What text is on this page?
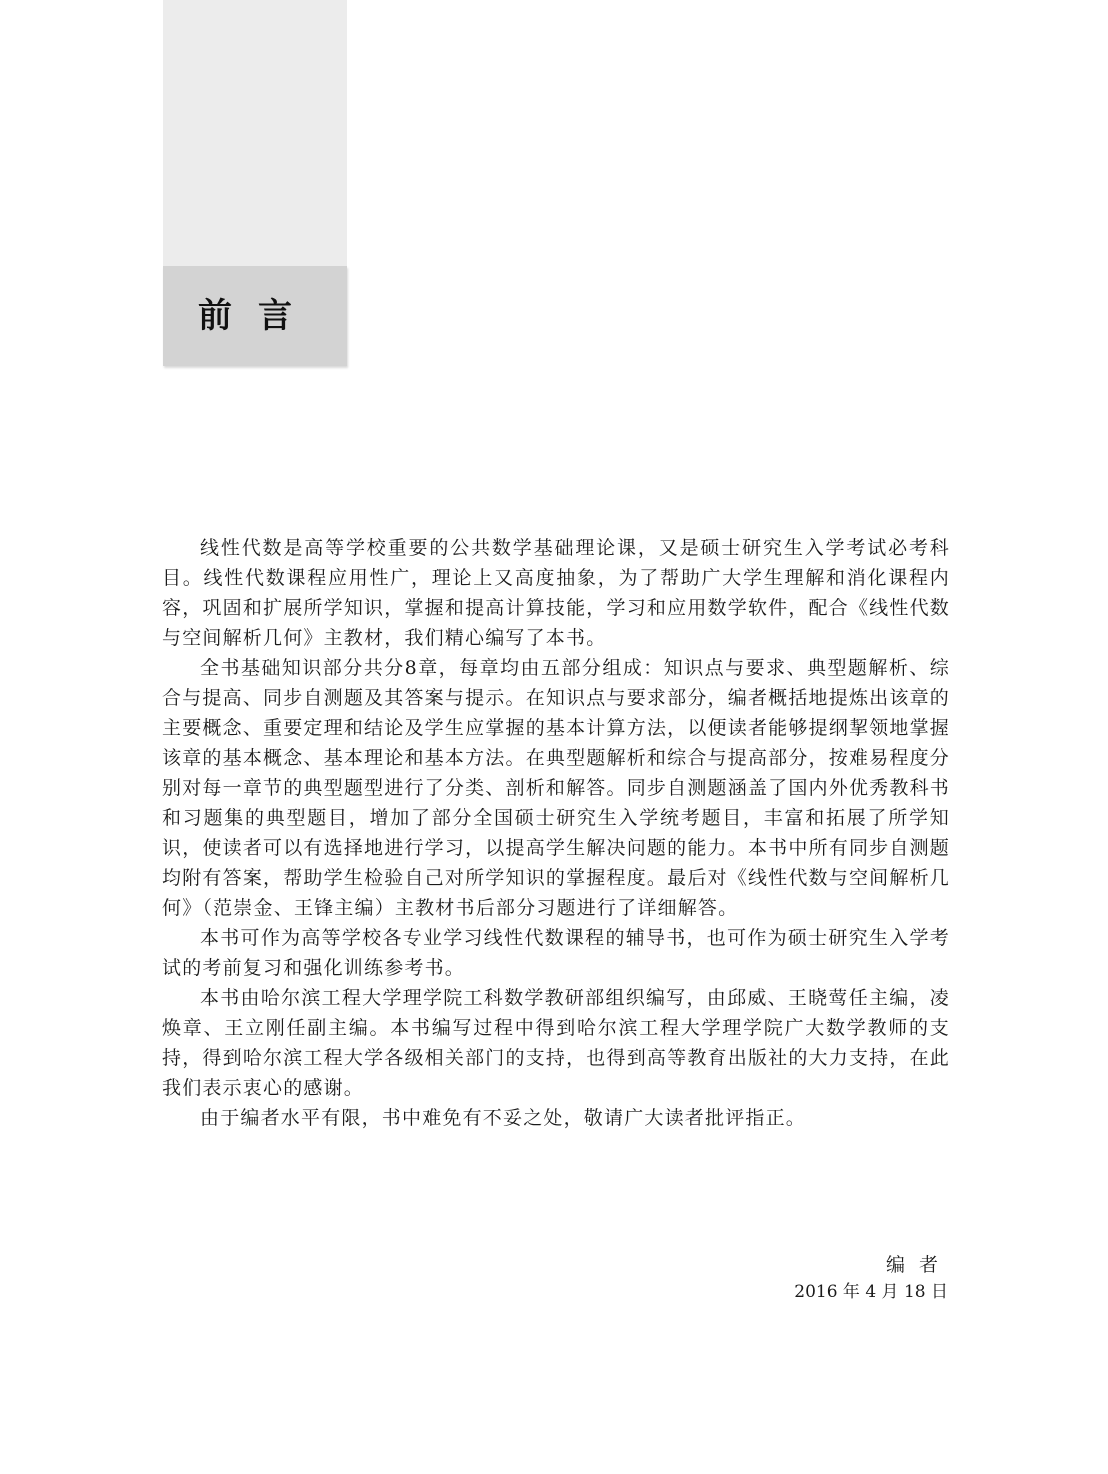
前言

线性代数是高等学校重要的公共数学基础理论课，又是硕士研究生入学考试必考科目。线性代数课程应用性广，理论上又高度抽象，为了帮助广大学生理解和消化课程内容，巩固和扩展所学知识，掌握和提高计算技能，学习和应用数学软件，配合《线性代数与空间解析几何》主教材，我们精心编写了本书。

全书基础知识部分共分8章，每章均由五部分组成：知识点与要求、典型题解析、综合与提高、同步自测题及其答案与提示。在知识点与要求部分，编者概括地提炼出该章的主要概念、重要定理和结论及学生应掌握的基本计算方法，以便读者能够提纲挈领地掌握该章的基本概念、基本理论和基本方法。在典型题解析和综合与提高部分，按难易程度分别对每一章节的典型题型进行了分类、剖析和解答。同步自测题涵盖了国内外优秀教科书和习题集的典型题目，增加了部分全国硕士研究生入学统考题目，丰富和拓展了所学知识，使读者可以有选择地进行学习，以提高学生解决问题的能力。本书中所有同步自测题均附有答案，帮助学生检验自己对所学知识的掌握程度。最后对《线性代数与空间解析几何》（范崇金、王锋主编）主教材书后部分习题进行了详细解答。

本书可作为高等学校各专业学习线性代数课程的辅导书，也可作为硕士研究生入学考试的考前复习和强化训练参考书。

本书由哈尔滨工程大学理学院工科数学教研部组织编写，由邱威、王晓莺任主编，凌焕章、王立刚任副主编。本书编写过程中得到哈尔滨工程大学理学院广大数学教师的支持，得到哈尔滨工程大学各级相关部门的支持，也得到高等教育出版社的大力支持，在此我们表示衷心的感谢。

由于编者水平有限，书中难免有不妥之处，敬请广大读者批评指正。

编者
2016 年 4 月 18 日
